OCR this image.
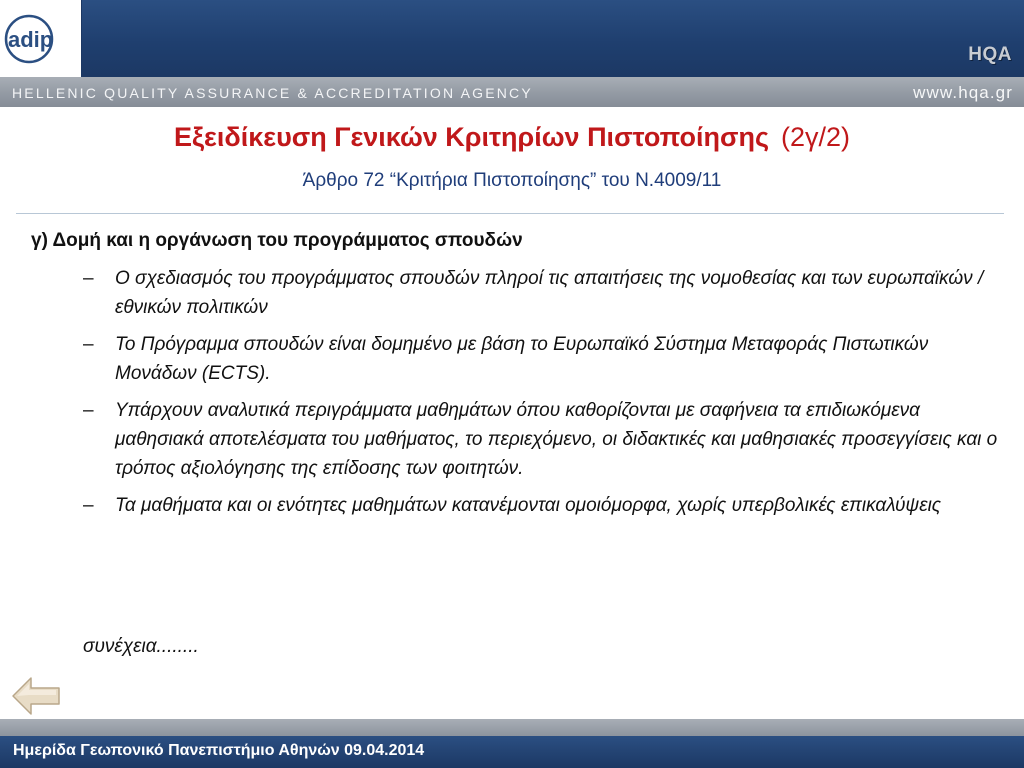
adip
HQA
HELLENIC QUALITY ASSURANCE & ACCREDITATION AGENCY	www.hqa.gr
Εξειδίκευση Γενικών Κριτηρίων Πιστοποίησης (2γ/2)
Άρθρο 72 “Κριτήρια Πιστοποίησης” του Ν.4009/11
γ) Δομή και η οργάνωση του προγράμματος σπουδών
– Ο σχεδιασμός του προγράμματος σπουδών πληροί τις απαιτήσεις της νομοθεσίας και των ευρωπαϊκών / εθνικών πολιτικών
– Το Πρόγραμμα σπουδών είναι δομημένο με βάση το Ευρωπαϊκό Σύστημα Μεταφοράς Πιστωτικών Μονάδων (ECTS).
– Υπάρχουν αναλυτικά περιγράμματα μαθημάτων όπου καθορίζονται με σαφήνεια τα επιδιωκόμενα μαθησιακά αποτελέσματα του μαθήματος, το περιεχόμενο, οι διδακτικές και μαθησιακές προσεγγίσεις και ο τρόπος αξιολόγησης της επίδοσης των φοιτητών.
– Τα μαθήματα και οι ενότητες μαθημάτων κατανέμονται ομοιόμορφα, χωρίς υπερβολικές επικαλύψεις
συνέχεια........
Ημερίδα Γεωπονικό Πανεπιστήμιο Αθηνών 09.04.2014
